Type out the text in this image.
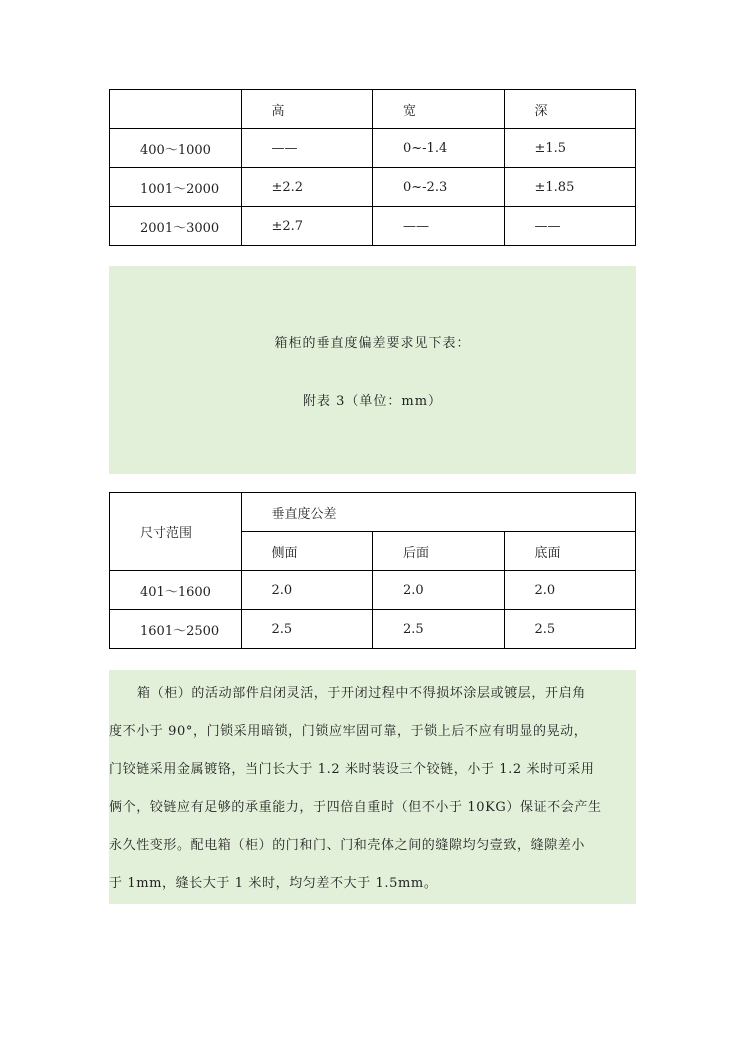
	高	宽	深
400～1000	——	0~-1.4	±1.5
1001～2000	±2.2	0~-2.3	±1.85
2001～3000	±2.7	——	——
箱柜的垂直度偏差要求见下表：
附表 3（单位：mm）
尺寸范围	垂直度公差		
	侧面	后面	底面
401～1600	2.0	2.0	2.0
1601～2500	2.5	2.5	2.5
箱（柜）的活动部件启闭灵活，于开闭过程中不得损坏涂层或镀层，开启角
度不小于 90°，门锁采用暗锁，门锁应牢固可靠，于锁上后不应有明显的晃动，
门铰链采用金属镀铬，当门长大于 1.2 米时装设三个铰链，小于 1.2 米时可采用
俩个，铰链应有足够的承重能力，于四倍自重时（但不小于 10KG）保证不会产生
永久性变形。配电箱（柜）的门和门、门和壳体之间的缝隙均匀壹致，缝隙差小
于 1mm，缝长大于 1 米时，均匀差不大于 1.5mm。
